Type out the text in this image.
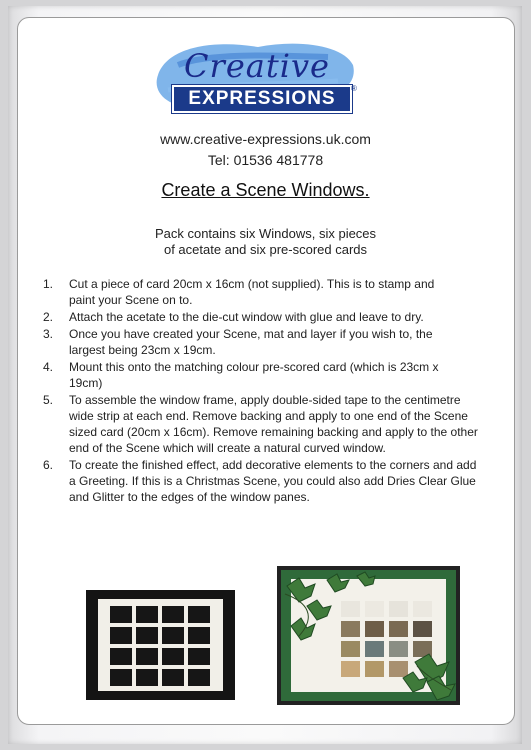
Creative
EXPRESSIONS	®
www.creative-expressions.uk.com
Tel: 01536 481778
Create a Scene Windows.
Pack contains six Windows, six pieces
of acetate and six pre-scored cards
1. Cut a piece of card 20cm x 16cm (not supplied). This is to stamp and
paint your Scene on to.
2. Attach the acetate to the die-cut window with glue and leave to dry.
3. Once you have created your Scene, mat and layer if you wish to, the
largest being 23cm x 19cm.
4. Mount this onto the matching colour pre-scored card (which is 23cm x
19cm)
5. To assemble the window frame, apply double-sided tape to the centimetre
wide strip at each end. Remove backing and apply to one end of the Scene
sized card (20cm x 16cm). Remove remaining backing and apply to the other
end of the Scene which will create a natural curved window.
6. To create the finished effect, add decorative elements to the corners and add
a Greeting. If this is a Christmas Scene, you could also add Dries Clear Glue
and Glitter to the edges of the window panes.
